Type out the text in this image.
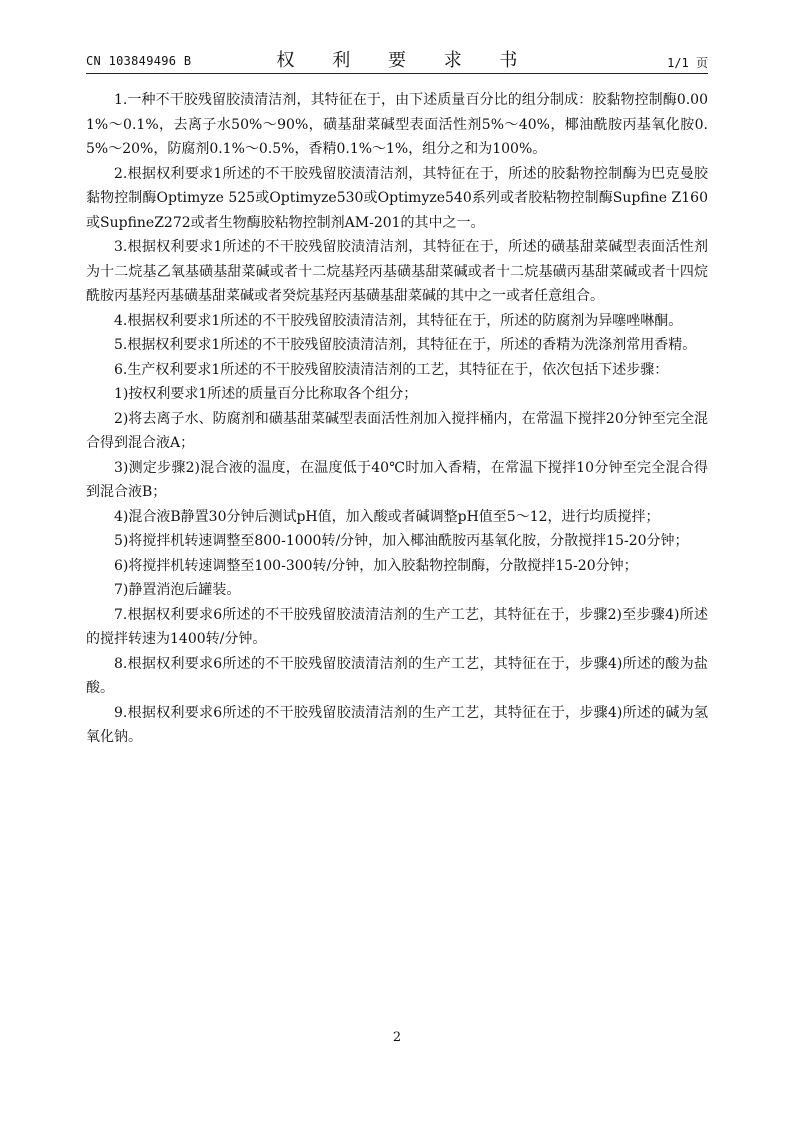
CN 103849496 B	权 利 要 求 书	1/1 页

1.一种不干胶残留胶渍清洁剂，其特征在于，由下述质量百分比的组分制成：胶黏物控制酶0.001%～0.1%，去离子水50%～90%，磺基甜菜碱型表面活性剂5%～40%，椰油酰胺丙基氧化胺0.5%～20%，防腐剂0.1%～0.5%，香精0.1%～1%，组分之和为100%。

2.根据权利要求1所述的不干胶残留胶渍清洁剂，其特征在于，所述的胶黏物控制酶为巴克曼胶黏物控制酶Optimyze 525或Optimyze530或Optimyze540系列或者胶粘物控制酶Supfine Z160或SupfineZ272或者生物酶胶粘物控制剂AM-201的其中之一。

3.根据权利要求1所述的不干胶残留胶渍清洁剂，其特征在于，所述的磺基甜菜碱型表面活性剂为十二烷基乙氧基磺基甜菜碱或者十二烷基羟丙基磺基甜菜碱或者十二烷基磺丙基甜菜碱或者十四烷酰胺丙基羟丙基磺基甜菜碱或者癸烷基羟丙基磺基甜菜碱的其中之一或者任意组合。

4.根据权利要求1所述的不干胶残留胶渍清洁剂，其特征在于，所述的防腐剂为异噻唑啉酮。

5.根据权利要求1所述的不干胶残留胶渍清洁剂，其特征在于，所述的香精为洗涤剂常用香精。

6.生产权利要求1所述的不干胶残留胶渍清洁剂的工艺，其特征在于，依次包括下述步骤：

1)按权利要求1所述的质量百分比称取各个组分；

2)将去离子水、防腐剂和磺基甜菜碱型表面活性剂加入搅拌桶内，在常温下搅拌20分钟至完全混合得到混合液A；

3)测定步骤2)混合液的温度，在温度低于40℃时加入香精，在常温下搅拌10分钟至完全混合得到混合液B；

4)混合液B静置30分钟后测试pH值，加入酸或者碱调整pH值至5～12，进行均质搅拌；

5)将搅拌机转速调整至800-1000转/分钟，加入椰油酰胺丙基氧化胺，分散搅拌15-20分钟；

6)将搅拌机转速调整至100-300转/分钟，加入胶黏物控制酶，分散搅拌15-20分钟；

7)静置消泡后罐装。

7.根据权利要求6所述的不干胶残留胶渍清洁剂的生产工艺，其特征在于，步骤2)至步骤4)所述的搅拌转速为1400转/分钟。

8.根据权利要求6所述的不干胶残留胶渍清洁剂的生产工艺，其特征在于，步骤4)所述的酸为盐酸。

9.根据权利要求6所述的不干胶残留胶渍清洁剂的生产工艺，其特征在于，步骤4)所述的碱为氢氧化钠。

2
